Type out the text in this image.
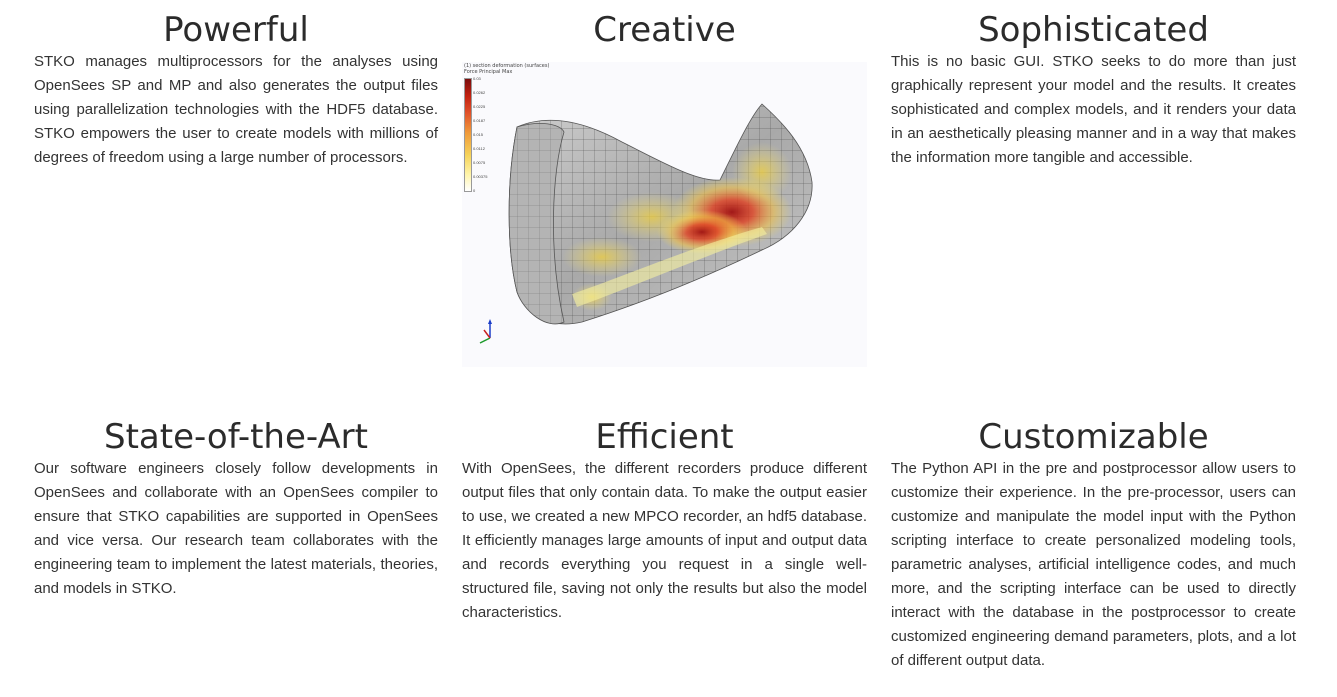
Powerful

STKO manages multiprocessors for the analyses using OpenSees SP and MP and also generates the output files using parallelization technologies with the HDF5 database. STKO empowers the user to create models with millions of degrees of freedom using a large number of processors.

Creative
(1) section deformation (surfaces)
Force Principal Max
0.03
0.0262
0.0225
0.0187
0.015
0.0112
0.0075
0.00375
0
Sophisticated

This is no basic GUI. STKO seeks to do more than just graphically represent your model and the results. It creates sophisticated and complex models, and it renders your data in an aesthetically pleasing manner and in a way that makes the information more tangible and accessible.

State-of-the-Art

Our software engineers closely follow developments in OpenSees and collaborate with an OpenSees compiler to ensure that STKO capabilities are supported in OpenSees and vice versa. Our research team collaborates with the engineering team to implement the latest materials, theories, and models in STKO.

Efficient

With OpenSees, the different recorders produce different output files that only contain data. To make the output easier to use, we created a new MPCO recorder, an hdf5 database. It efficiently manages large amounts of input and output data and records everything you request in a single well-structured file, saving not only the results but also the model characteristics.

Customizable

The Python API in the pre and postprocessor allow users to customize their experience. In the pre-processor, users can customize and manipulate the model input with the Python scripting interface to create personalized modeling tools, parametric analyses, artificial intelligence codes, and much more, and the scripting interface can be used to directly interact with the database in the postprocessor to create customized engineering demand parameters, plots, and a lot of different output data.
